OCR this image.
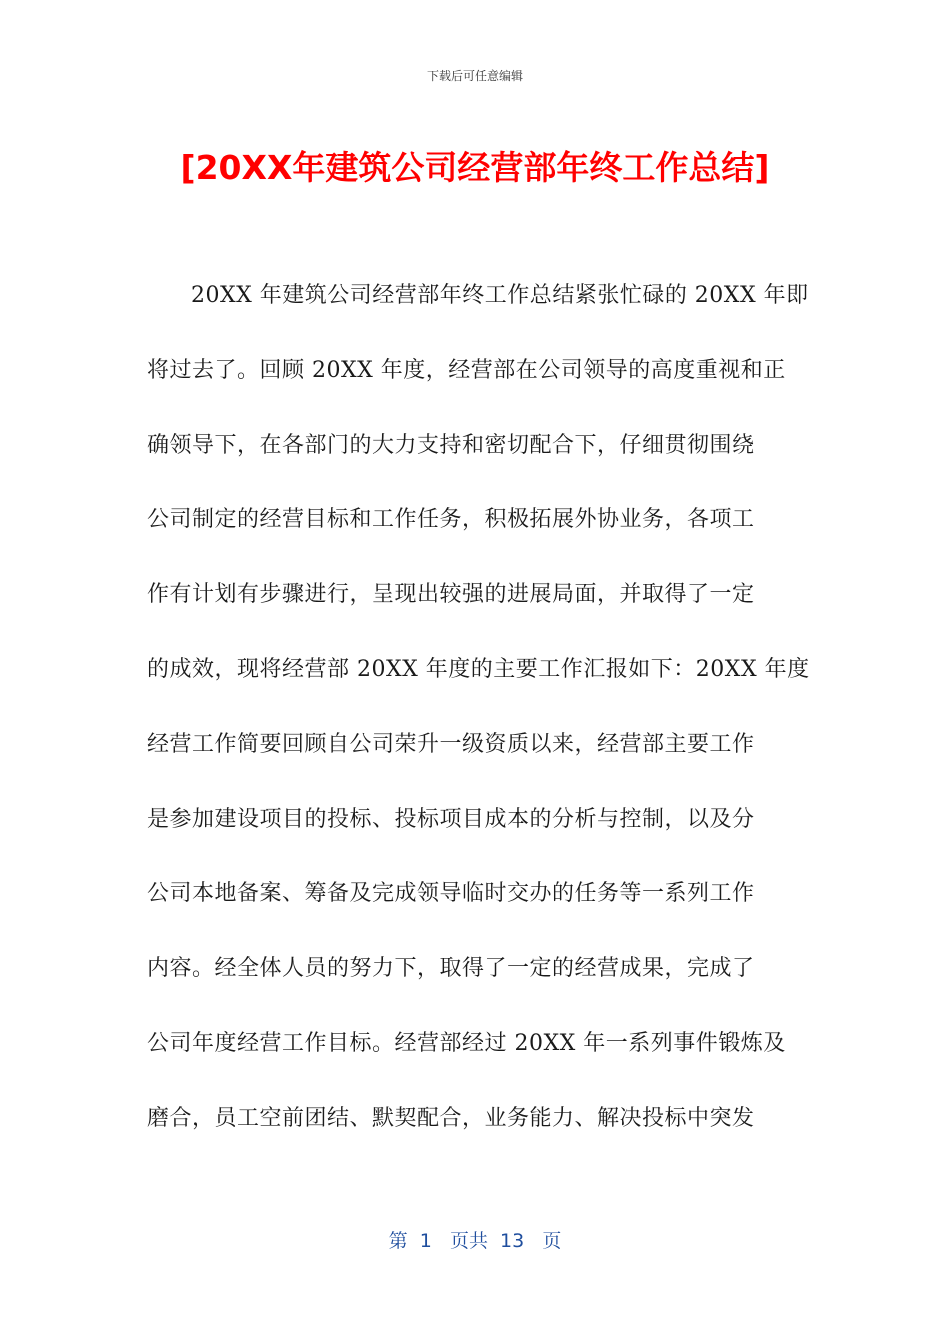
下载后可任意编辑
[20XX年建筑公司经营部年终工作总结]
20XX 年建筑公司经营部年终工作总结紧张忙碌的 20XX 年即
将过去了。回顾 20XX 年度，经营部在公司领导的高度重视和正
确领导下，在各部门的大力支持和密切配合下，仔细贯彻围绕
公司制定的经营目标和工作任务，积极拓展外协业务，各项工
作有计划有步骤进行，呈现出较强的进展局面，并取得了一定
的成效，现将经营部 20XX 年度的主要工作汇报如下：20XX 年度
经营工作简要回顾自公司荣升一级资质以来，经营部主要工作
是参加建设项目的投标、投标项目成本的分析与控制，以及分
公司本地备案、筹备及完成领导临时交办的任务等一系列工作
内容。经全体人员的努力下，取得了一定的经营成果，完成了
公司年度经营工作目标。经营部经过 20XX 年一系列事件锻炼及
磨合，员工空前团结、默契配合，业务能力、解决投标中突发
第  1   页共  13   页
